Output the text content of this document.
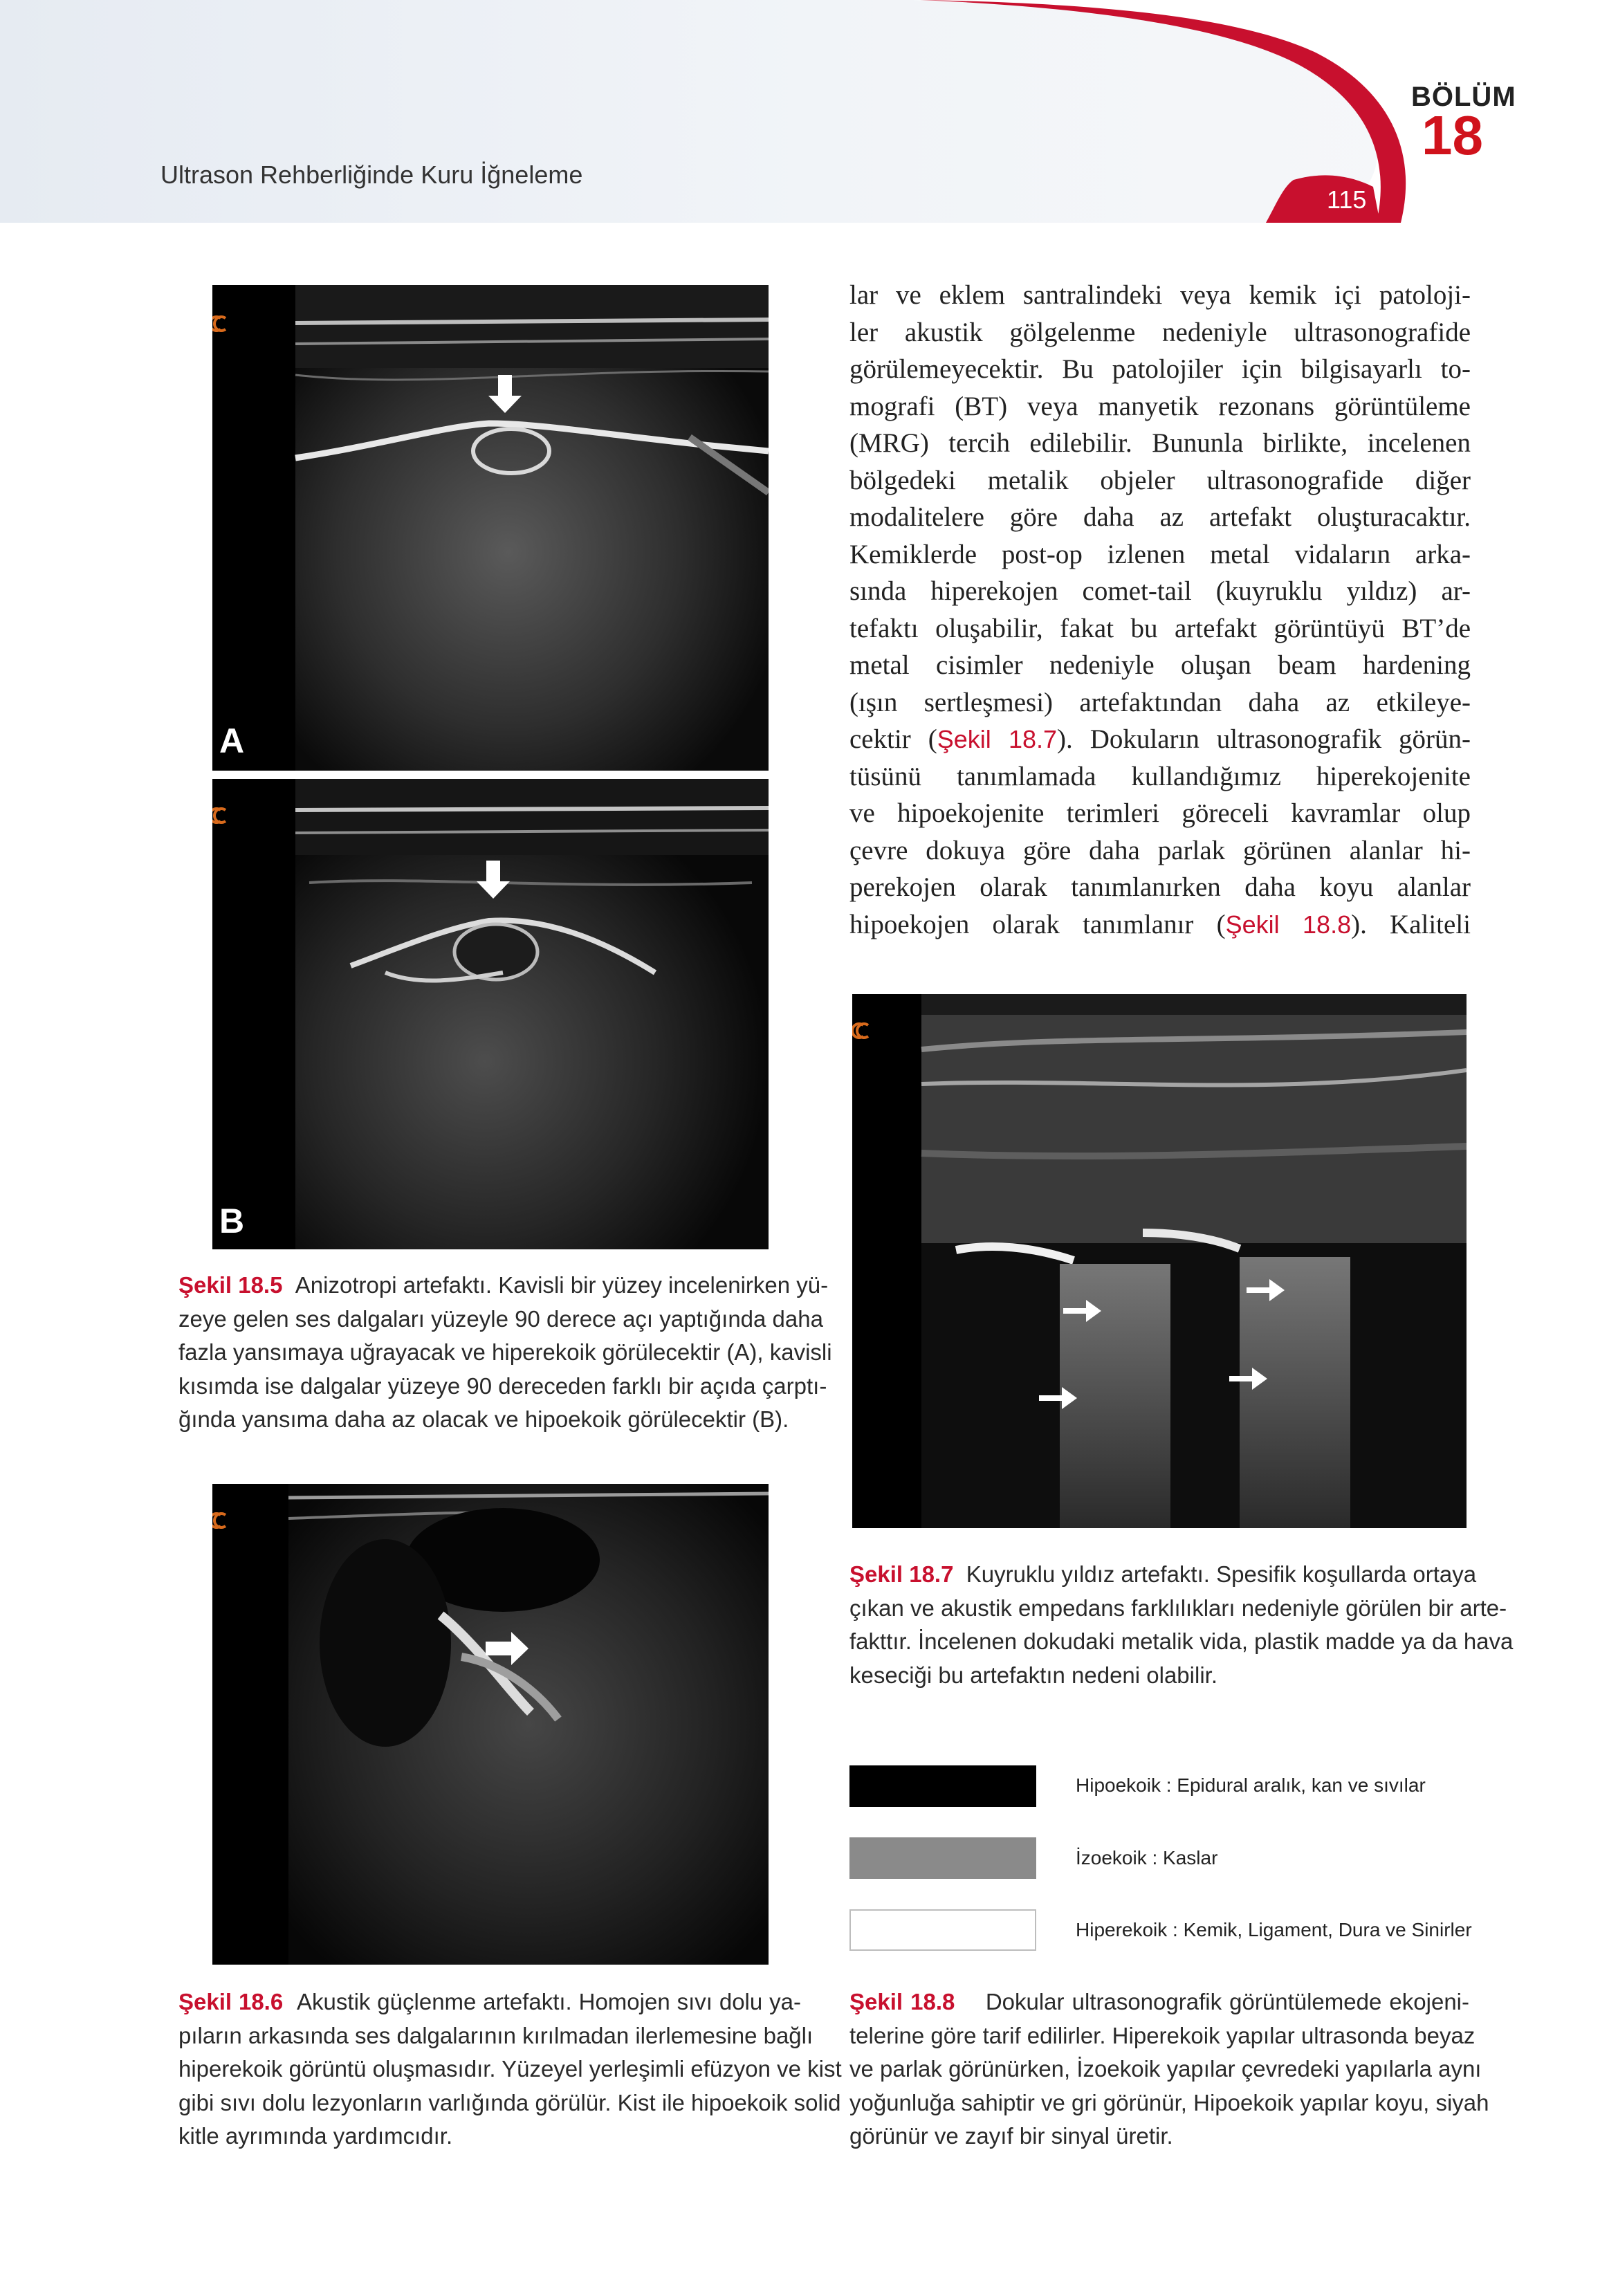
Ultrason Rehberliğinde Kuru İğneleme
BÖLÜM
18
115
A
B
Şekil 18.5 Anizotropi artefaktı. Kavisli bir yüzey incelenirken yü-
zeye gelen ses dalgaları yüzeyle 90 derece açı yaptığında daha
fazla yansımaya uğrayacak ve hiperekoik görülecektir (A), kavisli
kısımda ise dalgalar yüzeye 90 dereceden farklı bir açıda çarptı-
ğında yansıma daha az olacak ve hipoekoik görülecektir (B).
Şekil 18.6 Akustik güçlenme artefaktı. Homojen sıvı dolu ya-
pıların arkasında ses dalgalarının kırılmadan ilerlemesine bağlı
hiperekoik görüntü oluşmasıdır. Yüzeyel yerleşimli efüzyon ve kist
gibi sıvı dolu lezyonların varlığında görülür. Kist ile hipoekoik solid
kitle ayrımında yardımcıdır.
lar ve eklem santralindeki veya kemik içi patoloji-
ler akustik gölgelenme nedeniyle ultrasonografide
görülemeyecektir. Bu patolojiler için bilgisayarlı to-
mografi (BT) veya manyetik rezonans görüntüleme
(MRG) tercih edilebilir. Bununla birlikte, incelenen
bölgedeki metalik objeler ultrasonografide diğer
modalitelere göre daha az artefakt oluşturacaktır.
Kemiklerde post-op izlenen metal vidaların arka-
sında hiperekojen comet-tail (kuyruklu yıldız) ar-
tefaktı oluşabilir, fakat bu artefakt görüntüyü BT’de
metal cisimler nedeniyle oluşan beam hardening
(ışın sertleşmesi) artefaktından daha az etkileye-
cektir (Şekil 18.7). Dokuların ultrasonografik görün-
tüsünü tanımlamada kullandığımız hiperekojenite
ve hipoekojenite terimleri göreceli kavramlar olup
çevre dokuya göre daha parlak görünen alanlar hi-
perekojen olarak tanımlanırken daha koyu alanlar
hipoekojen olarak tanımlanır (Şekil 18.8). Kaliteli
Şekil 18.7 Kuyruklu yıldız artefaktı. Spesifik koşullarda ortaya
çıkan ve akustik empedans farklılıkları nedeniyle görülen bir arte-
fakttır. İncelenen dokudaki metalik vida, plastik madde ya da hava
keseciği bu artefaktın nedeni olabilir.
Hipoekoik : Epidural aralık, kan ve sıvılar
İzoekoik : Kaslar
Hiperekoik : Kemik, Ligament, Dura ve Sinirler
Şekil 18.8 Dokular ultrasonografik görüntülemede ekojeni-
telerine göre tarif edilirler. Hiperekoik yapılar ultrasonda beyaz
ve parlak görünürken, İzoekoik yapılar çevredeki yapılarla aynı
yoğunluğa sahiptir ve gri görünür, Hipoekoik yapılar koyu, siyah
görünür ve zayıf bir sinyal üretir.
